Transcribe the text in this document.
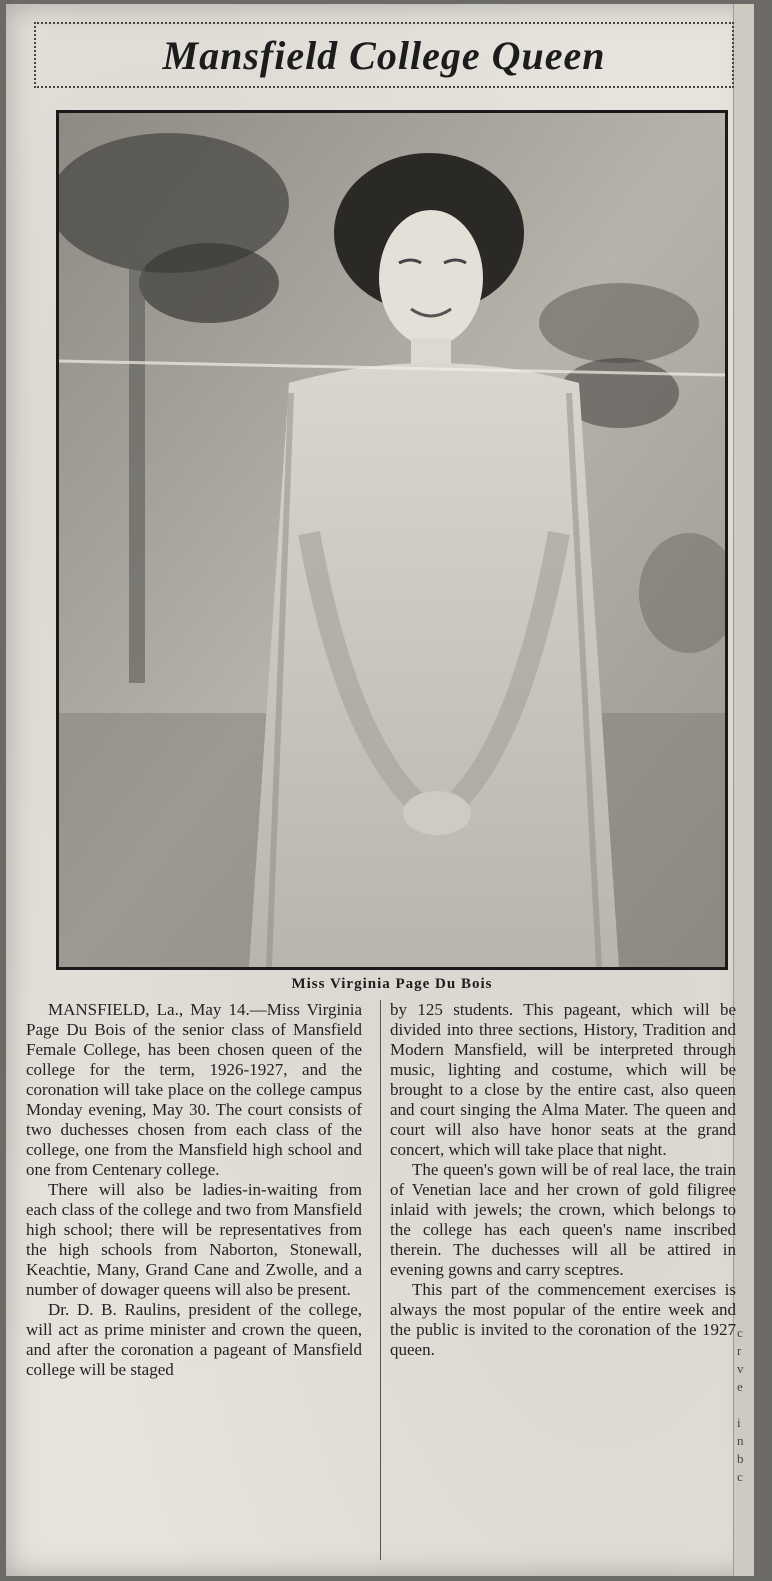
c
r
v
e

i
n
b
c
Mansfield College Queen
Miss Virginia Page Du Bois

MANSFIELD, La., May 14.—Miss Virginia Page Du Bois of the senior class of Mansfield Female College, has been chosen queen of the college for the term, 1926-1927, and the coronation will take place on the college campus Monday evening, May 30. The court consists of two duchesses chosen from each class of the college, one from the Mansfield high school and one from Centenary college.

There will also be ladies-in-waiting from each class of the college and two from Mansfield high school; there will be representatives from the high schools from Naborton, Stonewall, Keachtie, Many, Grand Cane and Zwolle, and a number of dowager queens will also be present.

Dr. D. B. Raulins, president of the college, will act as prime minister and crown the queen, and after the coronation a pageant of Mansfield college will be staged

by 125 students. This pageant, which will be divided into three sections, History, Tradition and Modern Mansfield, will be interpreted through music, lighting and costume, which will be brought to a close by the entire cast, also queen and court singing the Alma Mater. The queen and court will also have honor seats at the grand concert, which will take place that night.

The queen's gown will be of real lace, the train of Venetian lace and her crown of gold filigree inlaid with jewels; the crown, which belongs to the college has each queen's name inscribed therein. The duchesses will all be attired in evening gowns and carry sceptres.

This part of the commencement exercises is always the most popular of the entire week and the public is invited to the coronation of the 1927 queen.
